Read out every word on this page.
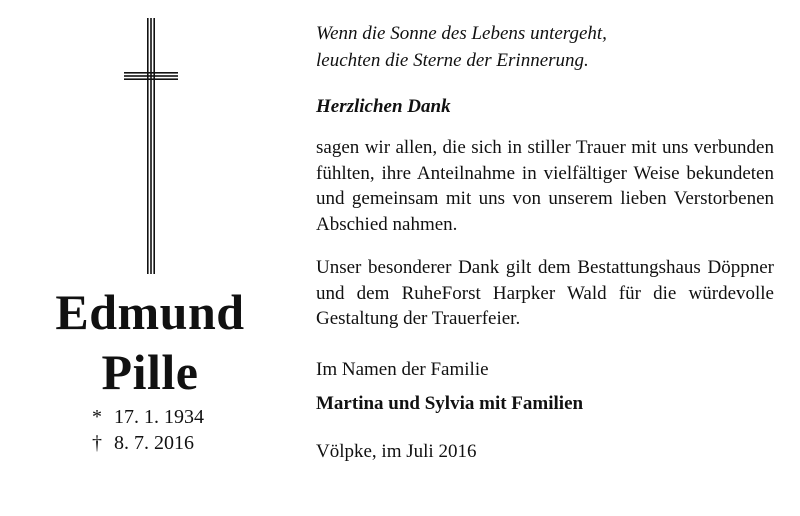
Edmund
Pille
* 17. 1. 1934
† 8. 7. 2016

Wenn die Sonne des Lebens untergeht,
leuchten die Sterne der Erinnerung.

Herzlichen Dank

sagen wir allen, die sich in stiller Trauer mit uns verbunden fühlten, ihre Anteilnahme in vielfältiger Weise bekundeten und gemeinsam mit uns von unserem lieben Verstorbenen Abschied nahmen.

Unser besonderer Dank gilt dem Bestattungshaus Döppner und dem RuheForst Harpker Wald für die würdevolle Gestaltung der Trauerfeier.

Im Namen der Familie

Martina und Sylvia mit Familien

Völpke, im Juli 2016
